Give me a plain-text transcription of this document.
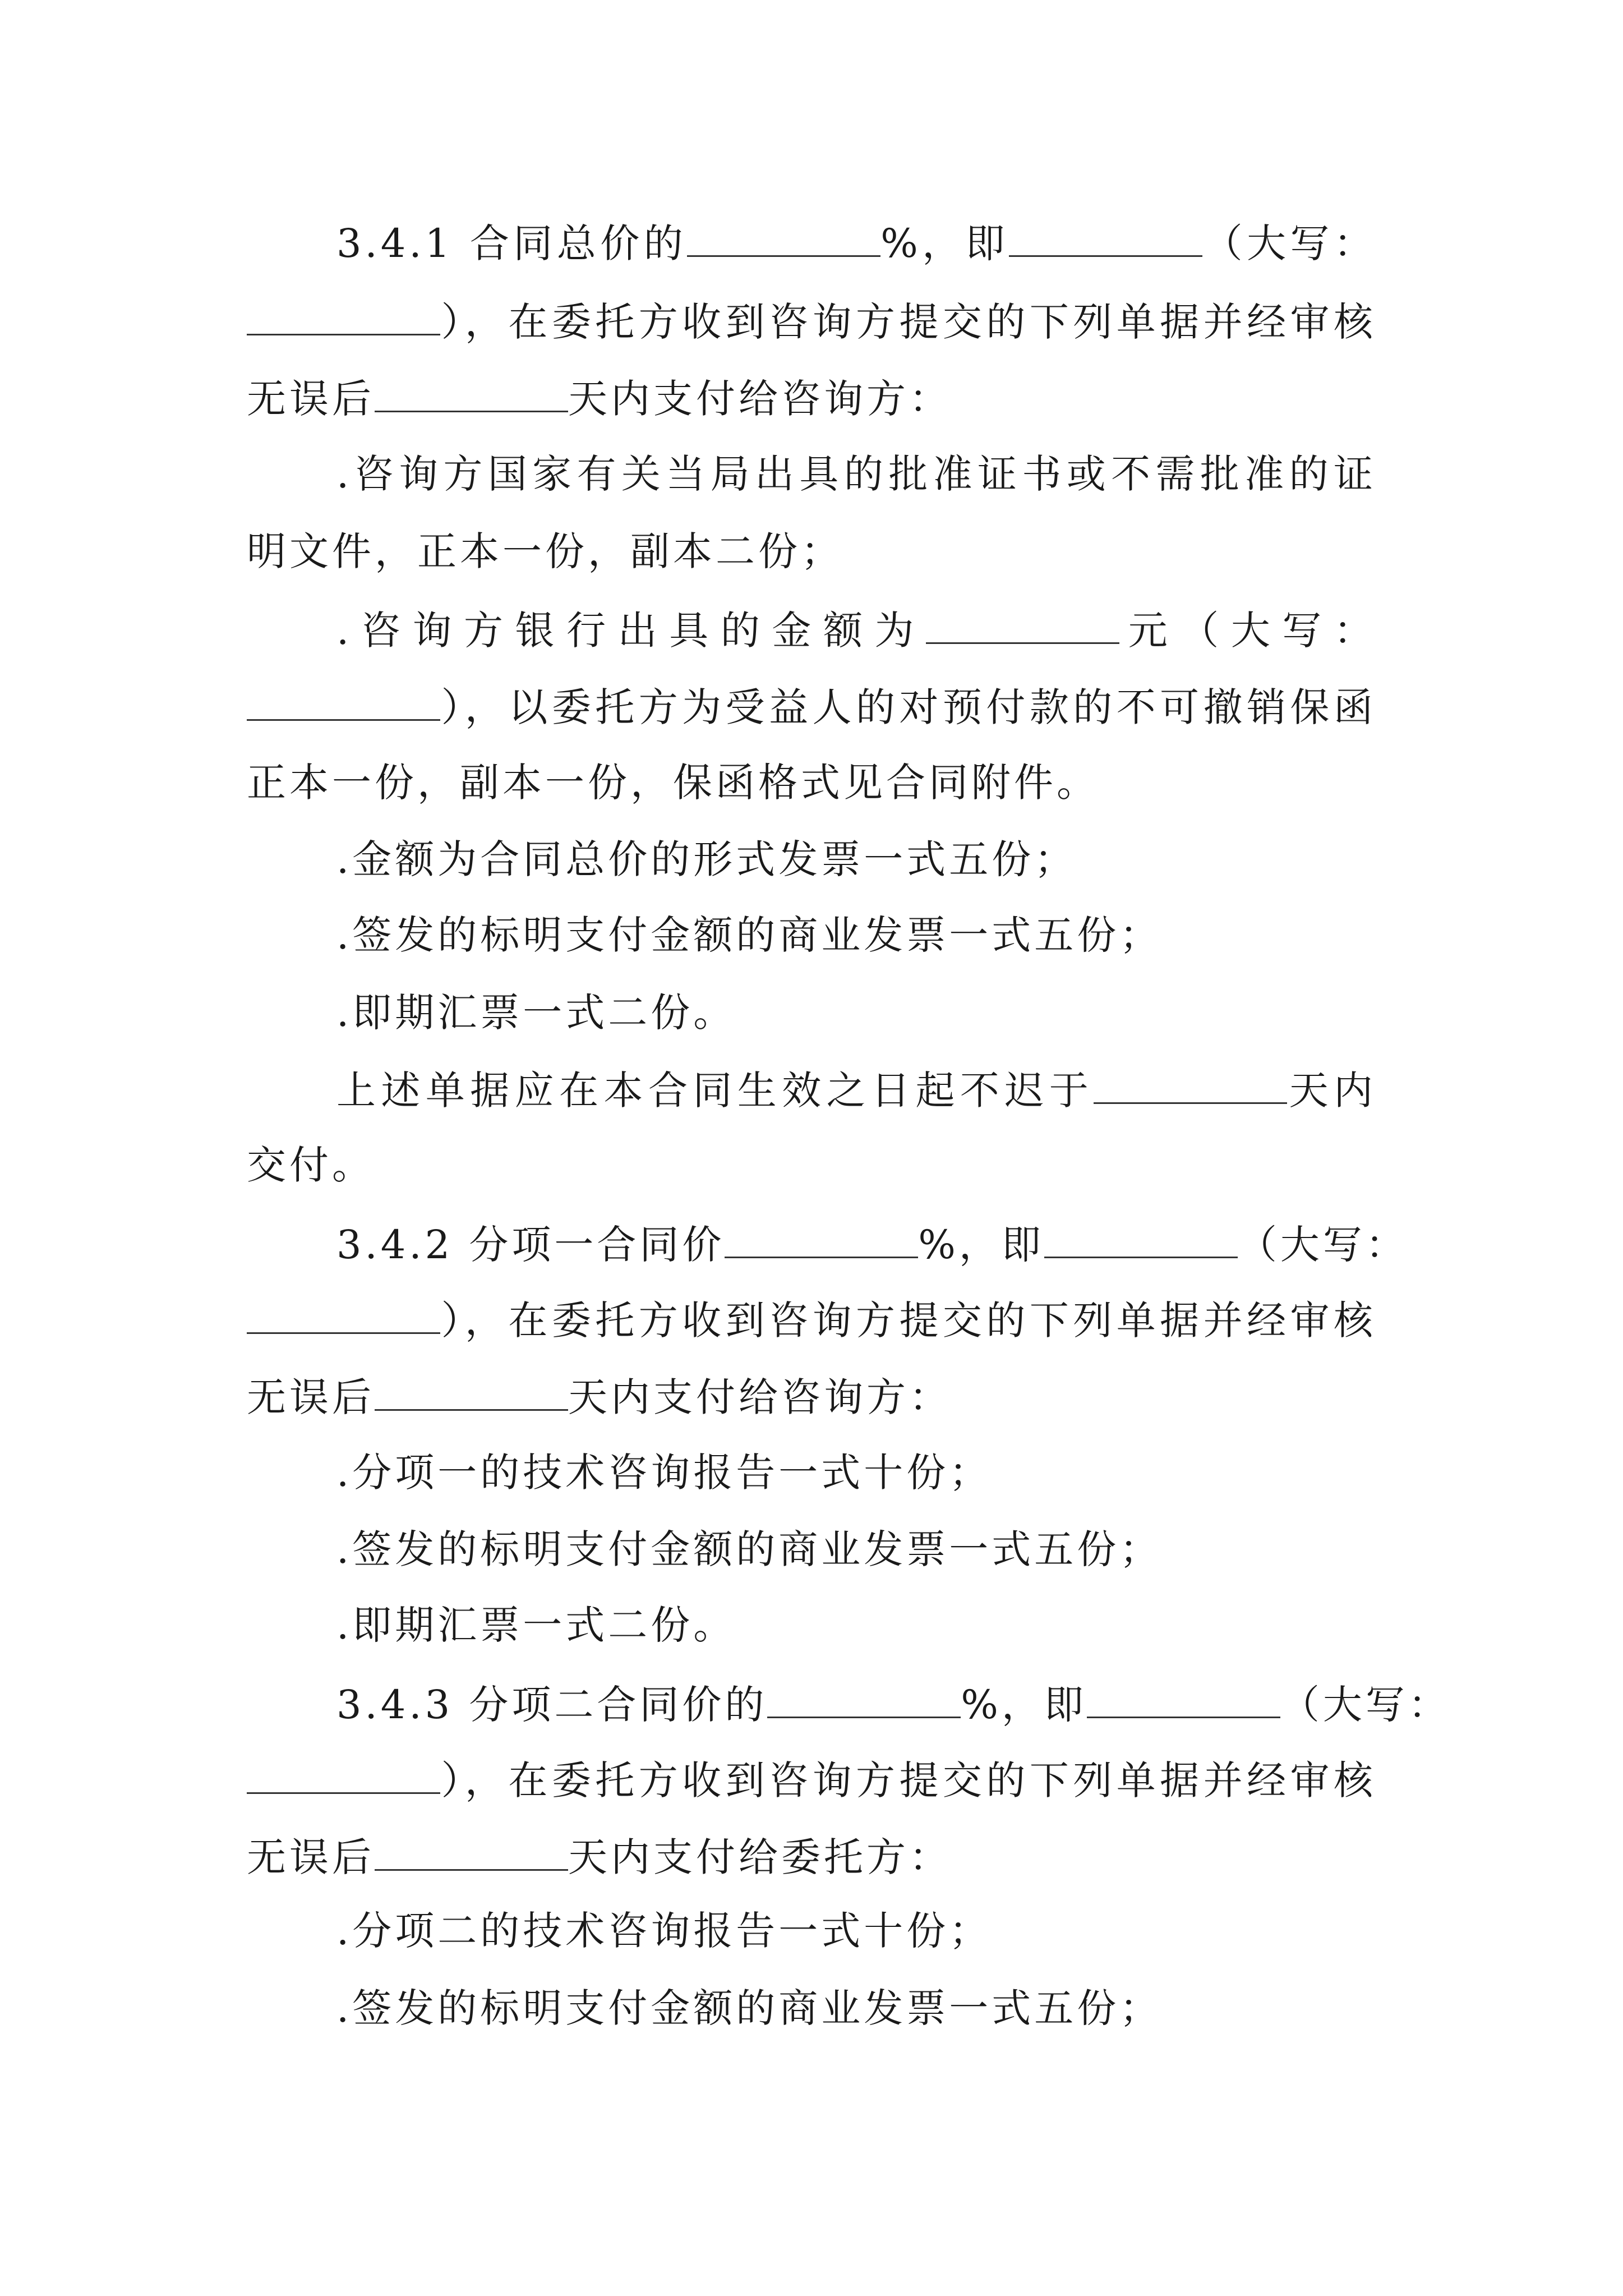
3.4.1 合同总价的	%，即	（大写：
），在委托方收到咨询方提交的下列单据并经审核
无误后	天内支付给咨询方：
.咨询方国家有关当局出具的批准证书或不需批准的证
明文件，正本一份，副本二份；
.咨询方银行出具的金额为	元（大写：
），以委托方为受益人的对预付款的不可撤销保函
正本一份，副本一份，保函格式见合同附件。
.金额为合同总价的形式发票一式五份；
.签发的标明支付金额的商业发票一式五份；
.即期汇票一式二份。
上述单据应在本合同生效之日起不迟于	天内
交付。
3.4.2 分项一合同价	%，即	（大写：
），在委托方收到咨询方提交的下列单据并经审核
无误后	天内支付给咨询方：
.分项一的技术咨询报告一式十份；
.签发的标明支付金额的商业发票一式五份；
.即期汇票一式二份。
3.4.3 分项二合同价的	%，即	（大写：
），在委托方收到咨询方提交的下列单据并经审核
无误后	天内支付给委托方：
.分项二的技术咨询报告一式十份；
.签发的标明支付金额的商业发票一式五份；
